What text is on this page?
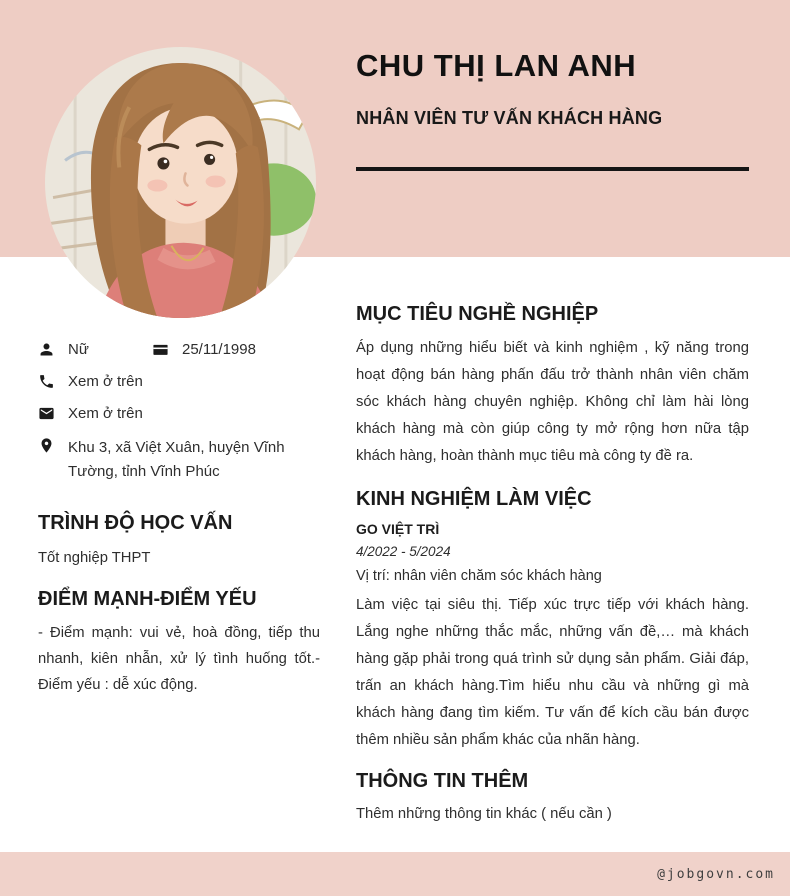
CHU THỊ LAN ANH
NHÂN VIÊN TƯ VẤN KHÁCH HÀNG
Nữ	25/11/1998
Xem ở trên
Xem ở trên
Khu 3, xã Việt Xuân, huyện Vĩnh Tường, tỉnh Vĩnh Phúc
TRÌNH ĐỘ HỌC VẤN

Tốt nghiệp THPT

ĐIỂM MẠNH-ĐIỂM YẾU

- Điểm mạnh: vui vẻ, hoà đồng, tiếp thu nhanh, kiên nhẫn, xử lý tình huống tốt.- Điểm yếu : dễ xúc động.

MỤC TIÊU NGHỀ NGHIỆP

Áp dụng những hiểu biết và kinh nghiệm , kỹ năng trong hoạt động bán hàng phấn đấu trở thành nhân viên chăm sóc khách hàng chuyên nghiệp. Không chỉ làm hài lòng khách hàng mà còn giúp công ty mở rộng hơn nữa tập khách hàng, hoàn thành mục tiêu mà công ty đề ra.

KINH NGHIỆM LÀM VIỆC
GO VIỆT TRÌ
4/2022 - 5/2024
Vị trí: nhân viên chăm sóc khách hàng

Làm việc tại siêu thị. Tiếp xúc trực tiếp với khách hàng. Lắng nghe những thắc mắc, những vấn đề,… mà khách hàng gặp phải trong quá trình sử dụng sản phẩm. Giải đáp, trấn an khách hàng.Tìm hiểu nhu cầu và những gì mà khách hàng đang tìm kiếm. Tư vấn để kích cầu bán được thêm nhiều sản phẩm khác của nhãn hàng.

THÔNG TIN THÊM

Thêm những thông tin khác ( nếu cần )

@jobgovn.com
